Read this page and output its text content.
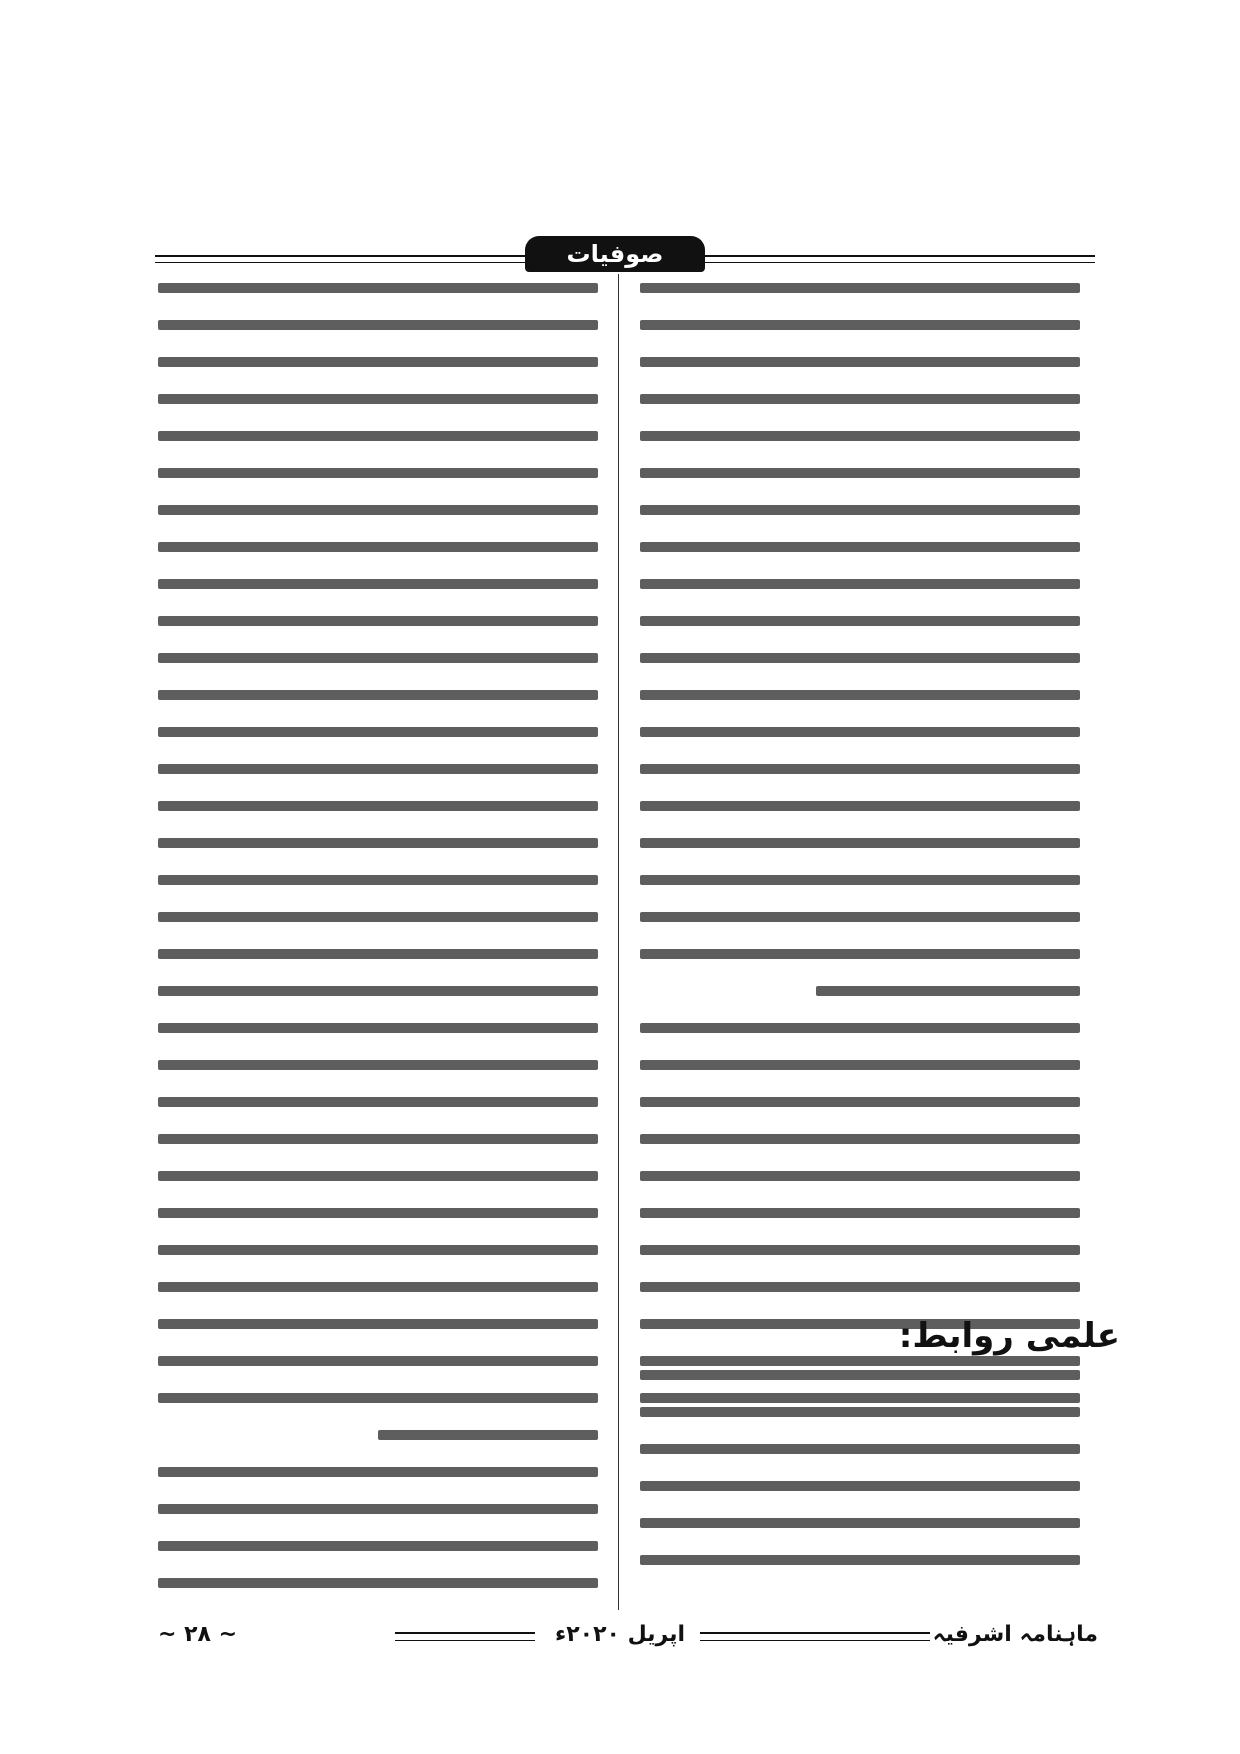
صوفیات
علمی روابط:
~ ۲۸ ~	اپریل ۲۰۲۰ء	ماہنامہ اشرفیہ
